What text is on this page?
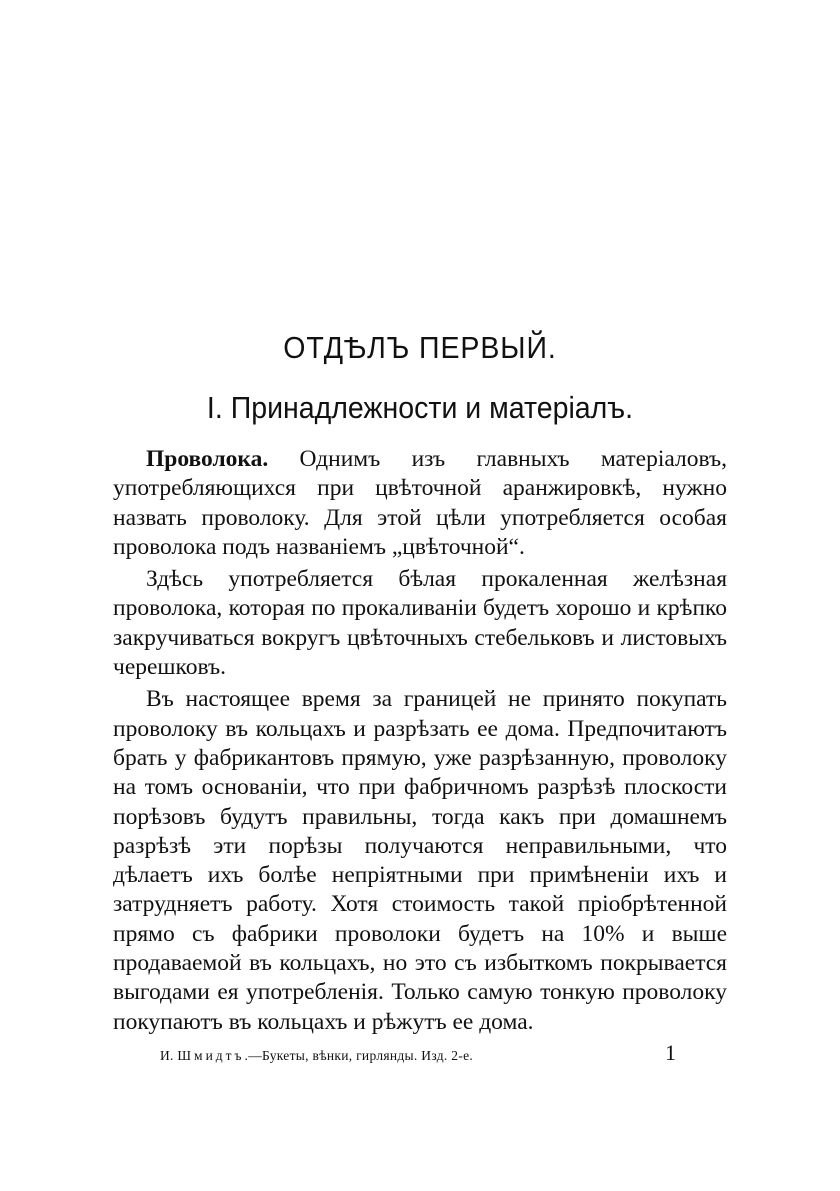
ОТДѢЛЪ ПЕРВЫЙ.
I. Принадлежности и матеріалъ.

Проволока. Однимъ изъ главныхъ матеріаловъ, употребляющихся при цвѣточной аранжировкѣ, нужно назвать проволоку. Для этой цѣли употребляется особая проволока подъ названіемъ „цвѣточной“.

Здѣсь употребляется бѣлая прокаленная желѣзная проволока, которая по прокаливаніи будетъ хорошо и крѣпко закручиваться вокругъ цвѣточныхъ стебельковъ и листовыхъ черешковъ.

Въ настоящее время за границей не принято покупать проволоку въ кольцахъ и разрѣзать ее дома. Предпочитаютъ брать у фабрикантовъ прямую, уже разрѣзанную, проволоку на томъ основаніи, что при фабричномъ разрѣзѣ плоскости порѣзовъ будутъ правильны, тогда какъ при домашнемъ разрѣзѣ эти порѣзы получаются неправильными, что дѣлаетъ ихъ болѣе непріятными при примѣненіи ихъ и затрудняетъ работу. Хотя стоимость такой пріобрѣтенной прямо съ фабрики проволоки будетъ на 10% и выше продаваемой въ кольцахъ, но это съ избыткомъ покрывается выгодами ея употребленія. Только самую тонкую проволоку покупаютъ въ кольцахъ и рѣжутъ ее дома.

И. Шмидтъ.—Букеты, вѣнки, гирлянды. Изд. 2-е.	1
